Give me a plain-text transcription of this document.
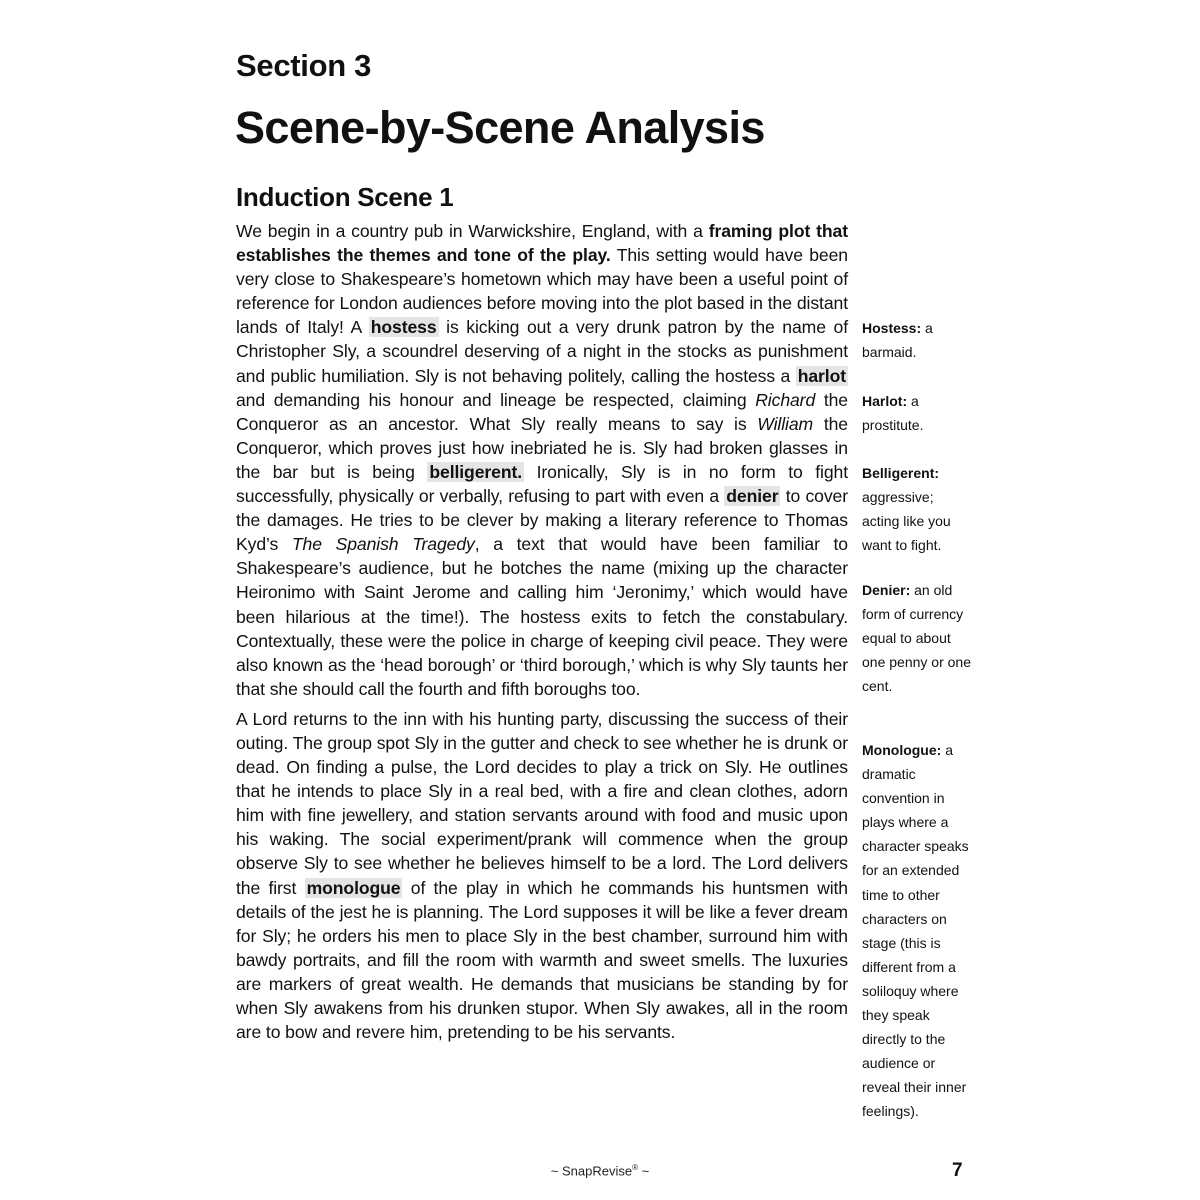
Section 3
Scene-by-Scene Analysis
Induction Scene 1

We begin in a country pub in Warwickshire, England, with a framing plot that establishes the themes and tone of the play. This setting would have been very close to Shakespeare’s hometown which may have been a useful point of reference for London audiences before moving into the plot based in the distant lands of Italy! A hostess is kicking out a very drunk patron by the name of Christopher Sly, a scoundrel deserving of a night in the stocks as punishment and public humiliation. Sly is not behaving politely, calling the hostess a harlot and demanding his honour and lineage be respected, claiming Richard the Conqueror as an ancestor. What Sly really means to say is William the Conqueror, which proves just how inebriated he is. Sly had broken glasses in the bar but is being belligerent. Ironically, Sly is in no form to fight successfully, physically or verbally, refusing to part with even a denier to cover the damages. He tries to be clever by making a literary reference to Thomas Kyd’s The Spanish Tragedy, a text that would have been familiar to Shakespeare’s audience, but he botches the name (mixing up the character Heironimo with Saint Jerome and calling him ‘Jeronimy,’ which would have been hilarious at the time!). The hostess exits to fetch the constabulary. Contextually, these were the police in charge of keeping civil peace. They were also known as the ‘head borough’ or ‘third borough,’ which is why Sly taunts her that she should call the fourth and fifth boroughs too.

A Lord returns to the inn with his hunting party, discussing the success of their outing. The group spot Sly in the gutter and check to see whether he is drunk or dead. On finding a pulse, the Lord decides to play a trick on Sly. He outlines that he intends to place Sly in a real bed, with a fire and clean clothes, adorn him with fine jewellery, and station servants around with food and music upon his waking. The social experiment/prank will commence when the group observe Sly to see whether he believes himself to be a lord. The Lord delivers the first monologue of the play in which he commands his huntsmen with details of the jest he is planning. The Lord supposes it will be like a fever dream for Sly; he orders his men to place Sly in the best chamber, surround him with bawdy portraits, and fill the room with warmth and sweet smells. The luxuries are markers of great wealth. He demands that musicians be standing by for when Sly awakens from his drunken stupor. When Sly awakes, all in the room are to bow and revere him, pretending to be his servants.

Hostess: a barmaid.
Harlot: a prostitute.
Belligerent: aggressive; acting like you want to fight.
Denier: an old form of currency equal to about one penny or one cent.
Monologue: a dramatic convention in plays where a character speaks for an extended time to other characters on stage (this is different from a soliloquy where they speak directly to the audience or reveal their inner feelings).
~ SnapRevise® ~	7
